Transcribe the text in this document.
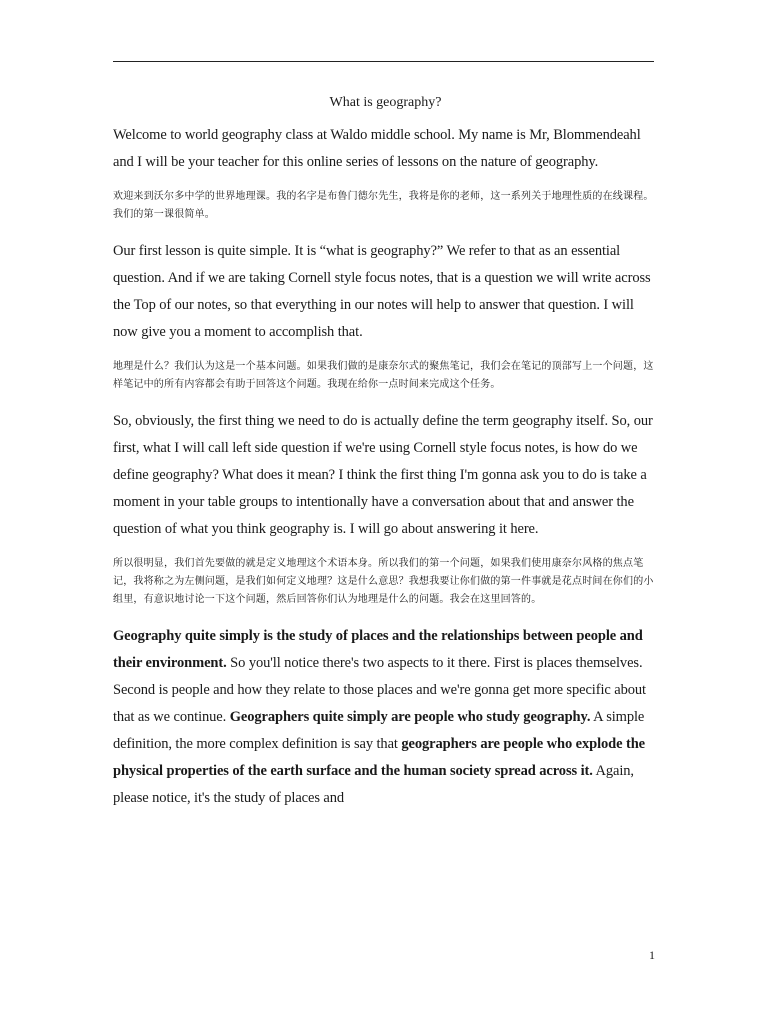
What is geography?

Welcome to world geography class at Waldo middle school. My name is Mr, Blommendeahl and I will be your teacher for this online series of lessons on the nature of geography.

欢迎来到沃尔多中学的世界地理课。我的名字是布鲁门德尔先生，我将是你的老师，这一系列关于地理性质的在线课程。我们的第一课很简单。

Our first lesson is quite simple. It is “what is geography?” We refer to that as an essential question. And if we are taking Cornell style focus notes, that is a question we will write across the Top of our notes, so that everything in our notes will help to answer that question. I will now give you a moment to accomplish that.

地理是什么？我们认为这是一个基本问题。如果我们做的是康奈尔式的聚焦笔记，我们会在笔记的顶部写上一个问题，这样笔记中的所有内容都会有助于回答这个问题。我现在给你一点时间来完成这个任务。

So, obviously, the first thing we need to do is actually define the term geography itself. So, our first, what I will call left side question if we're using Cornell style focus notes, is how do we define geography? What does it mean? I think the first thing I'm gonna ask you to do is take a moment in your table groups to intentionally have a conversation about that and answer the question of what you think geography is. I will go about answering it here.

所以很明显，我们首先要做的就是定义地理这个术语本身。所以我们的第一个问题，如果我们使用康奈尔风格的焦点笔记，我将称之为左侧问题，是我们如何定义地理？这是什么意思？我想我要让你们做的第一件事就是花点时间在你们的小组里，有意识地讨论一下这个问题，然后回答你们认为地理是什么的问题。我会在这里回答的。

Geography quite simply is the study of places and the relationships between people and their environment. So you'll notice there's two aspects to it there. First is places themselves. Second is people and how they relate to those places and we're gonna get more specific about that as we continue. Geographers quite simply are people who study geography. A simple definition, the more complex definition is say that geographers are people who explode the physical properties of the earth surface and the human society spread across it. Again, please notice, it's the study of places and

1
